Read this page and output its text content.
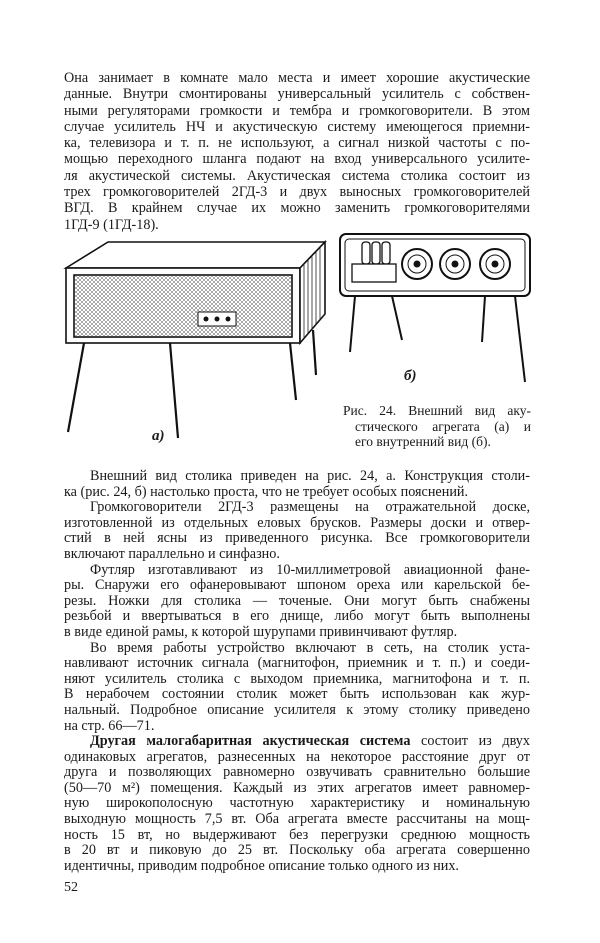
Она занимает в комнате мало места и имеет хорошие акустические
данные. Внутри смонтированы универсальный усилитель с собствен-
ными регуляторами громкости и тембра и громкоговорители. В этом
случае усилитель НЧ и акустическую систему имеющегося приемни-
ка, телевизора и т. п. не используют, а сигнал низкой частоты с по-
мощью переходного шланга подают на вход универсального усилите-
ля акустической системы. Акустическая система столика состоит из
трех громкоговорителей 2ГД-3 и двух выносных громкоговорителей
ВГД. В крайнем случае их можно заменить громкоговорителями
1ГД-9 (1ГД-18).
а)
б)
Рис. 24. Внешний вид аку-
стического агрегата (а) и
его внутренний вид (б).
Внешний вид столика приведен на рис. 24, а. Конструкция столи-
ка (рис. 24, б) настолько проста, что не требует особых пояснений.
Громкоговорители 2ГД-3 размещены на отражательной доске,
изготовленной из отдельных еловых брусков. Размеры доски и отвер-
стий в ней ясны из приведенного рисунка. Все громкоговорители
включают параллельно и синфазно.
Футляр изготавливают из 10-миллиметровой авиационной фане-
ры. Снаружи его офанеровывают шпоном ореха или карельской бе-
резы. Ножки для столика — точеные. Они могут быть снабжены
резьбой и ввертываться в его днище, либо могут быть выполнены
в виде единой рамы, к которой шурупами привинчивают футляр.
Во время работы устройство включают в сеть, на столик уста-
навливают источник сигнала (магнитофон, приемник и т. п.) и соеди-
няют усилитель столика с выходом приемника, магнитофона и т. п.
В нерабочем состоянии столик может быть использован как жур-
нальный. Подробное описание усилителя к этому столику приведено
на стр. 66—71.
Другая малогабаритная акустическая система состоит из двух
одинаковых агрегатов, разнесенных на некоторое расстояние друг от
друга и позволяющих равномерно озвучивать сравнительно большие
(50—70 м²) помещения. Каждый из этих агрегатов имеет равномер-
ную широкополосную частотную характеристику и номинальную
выходную мощность 7,5 вт. Оба агрегата вместе рассчитаны на мощ-
ность 15 вт, но выдерживают без перегрузки среднюю мощность
в 20 вт и пиковую до 25 вт. Поскольку оба агрегата совершенно
идентичны, приводим подробное описание только одного из них.
52
